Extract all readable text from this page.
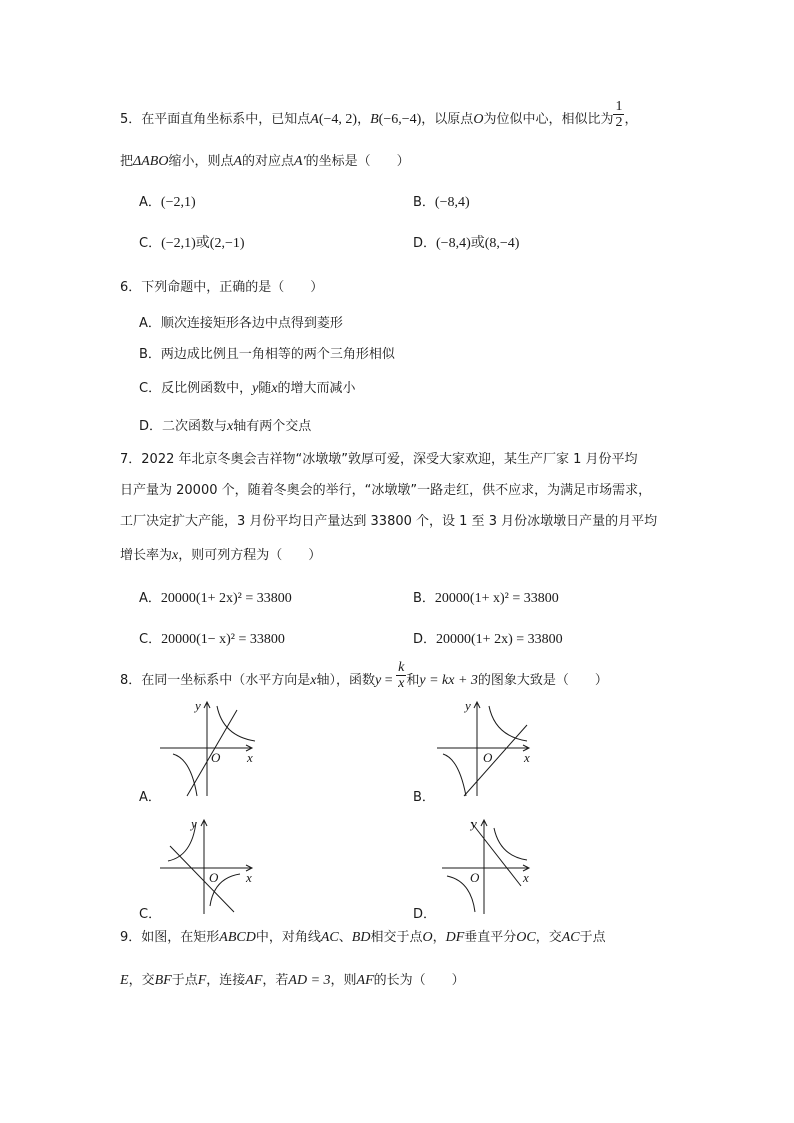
5．在平面直角坐标系中，已知点A(−4, 2)，B(−6,−4)，以原点O为位似中心，相似比为 $\frac{1}{2}$ ，
把ΔABO缩小，则点A的对应点A′的坐标是（　　）
A．(−2,1)	B．(−8,4)
C．(−2,1)或(2,−1)	D．(−8,4)或(8,−4)
6．下列命题中，正确的是（　　）
A．顺次连接矩形各边中点得到菱形
B．两边成比例且一角相等的两个三角形相似
C．反比例函数中，y随x的增大而减小
D．二次函数与x轴有两个交点
7．2022 年北京冬奥会吉祥物“冰墩墩”敦厚可爱，深受大家欢迎，某生产厂家 1 月份平均
日产量为 20000 个，随着冬奥会的举行，“冰墩墩”一路走红，供不应求，为满足市场需求，
工厂决定扩大产能，3 月份平均日产量达到 33800 个，设 1 至 3 月份冰墩墩日产量的月平均
增长率为x，则可列方程为（　　）
A．20000(1+ 2x)² = 33800	B．20000(1+ x)² = 33800
C．20000(1− x)² = 33800	D．20000(1+ 2x) = 33800
8．在同一坐标系中（水平方向是x轴），函数$y = \frac{k}{x}$ 和y = kx + 3的图象大致是（　　）
A．
y
x
O
B．
y
x
O
C．
y
x
O
D．
y
x
O
9．如图，在矩形ABCD中，对角线AC、BD相交于点O，DF垂直平分OC，交AC于点
E，交BF于点F，连接AF，若AD = 3，则AF的长为（　　）
